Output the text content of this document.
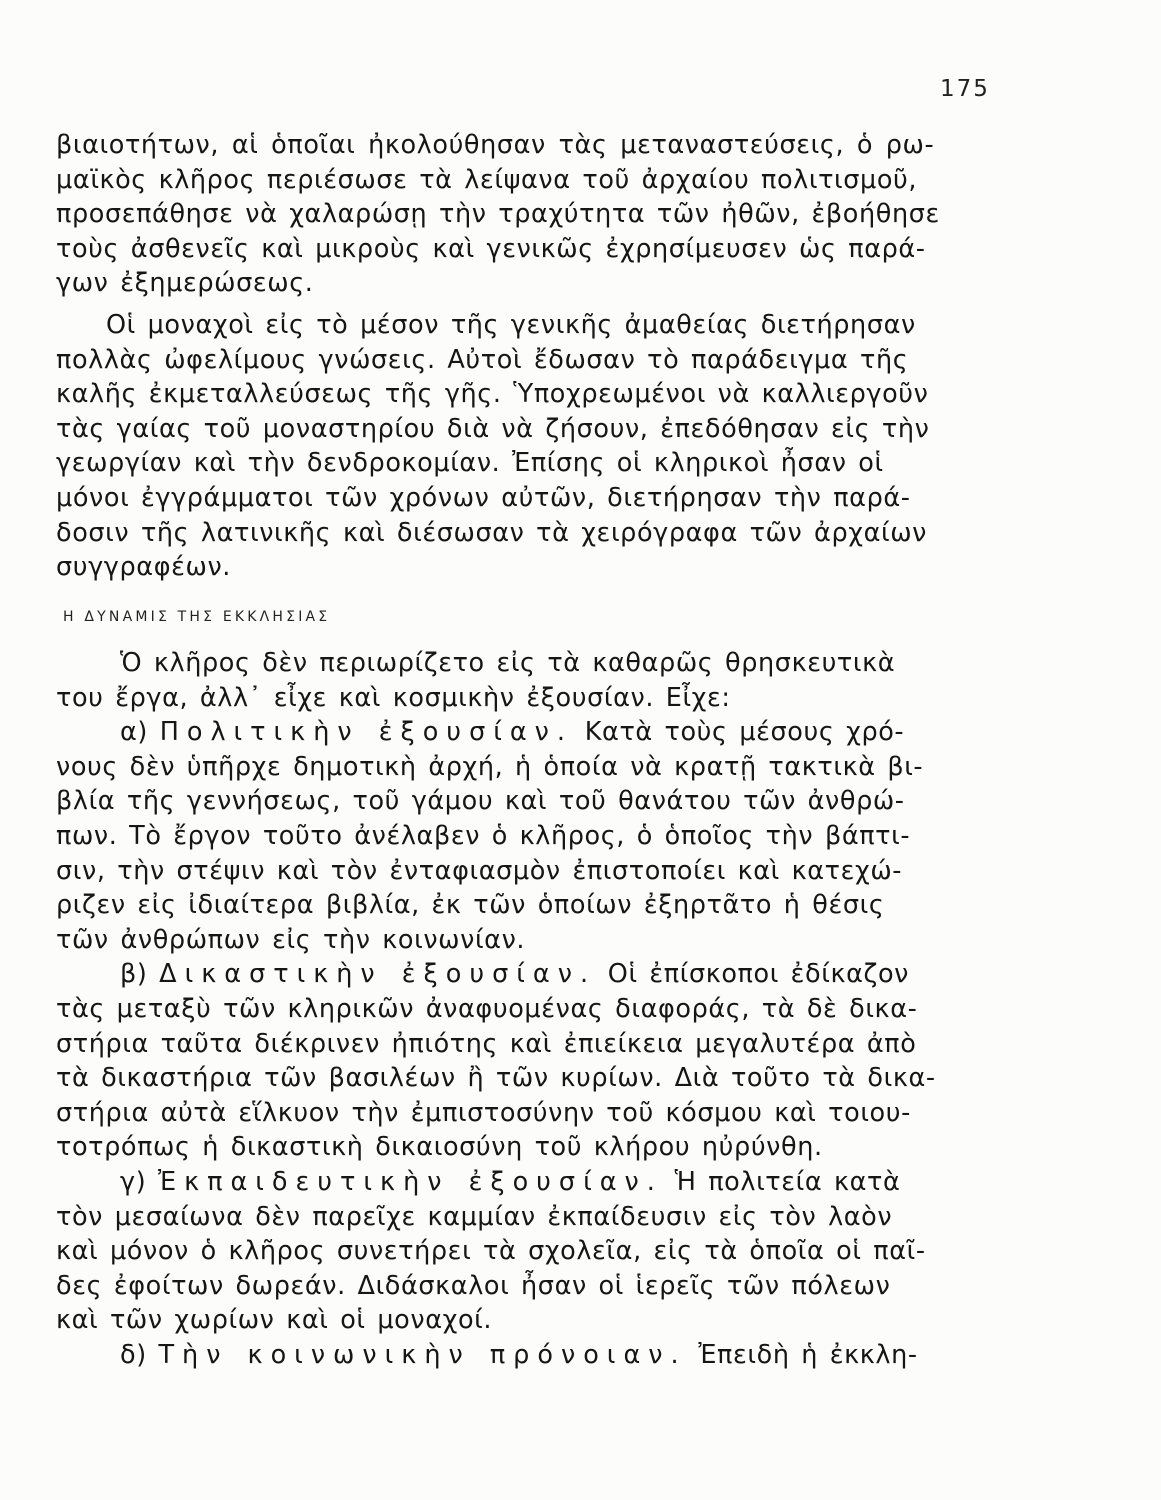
175
βιαιοτήτων, αἱ ὁποῖαι ἠκολούθησαν τὰς μεταναστεύσεις, ὁ ρω-
μαϊκὸς κλῆρος περιέσωσε τὰ λείψανα τοῦ ἀρχαίου πολιτισμοῦ,
προσεπάθησε νὰ χαλαρώσῃ τὴν τραχύτητα τῶν ἠθῶν, ἐβοήθησε
τοὺς ἀσθενεῖς καὶ μικροὺς καὶ γενικῶς ἐχρησίμευσεν ὡς παρά-
γων ἐξημερώσεως.
Οἱ μοναχοὶ εἰς τὸ μέσον τῆς γενικῆς ἀμαθείας διετήρησαν
πολλὰς ὠφελίμους γνώσεις. Αὐτοὶ ἔδωσαν τὸ παράδειγμα τῆς
καλῆς ἐκμεταλλεύσεως τῆς γῆς. Ὑποχρεωμένοι νὰ καλλιεργοῦν
τὰς γαίας τοῦ μοναστηρίου διὰ νὰ ζήσουν, ἐπεδόθησαν εἰς τὴν
γεωργίαν καὶ τὴν δενδροκομίαν. Ἐπίσης οἱ κληρικοὶ ἦσαν οἱ
μόνοι ἐγγράμματοι τῶν χρόνων αὐτῶν, διετήρησαν τὴν παρά-
δοσιν τῆς λατινικῆς καὶ διέσωσαν τὰ χειρόγραφα τῶν ἀρχαίων
συγγραφέων.
Η ΔΥΝΑΜΙΣ ΤΗΣ ΕΚΚΛΗΣΙΑΣ
Ὁ κλῆρος δὲν περιωρίζετο εἰς τὰ καθαρῶς θρησκευτικὰ
του ἔργα, ἀλλ᾽ εἶχε καὶ κοσμικὴν ἐξουσίαν. Εἶχε:
α) Πολιτικὴν ἐξουσίαν. Κατὰ τοὺς μέσους χρό-
νους δὲν ὑπῆρχε δημοτικὴ ἀρχή, ἡ ὁποία νὰ κρατῇ τακτικὰ βι-
βλία τῆς γεννήσεως, τοῦ γάμου καὶ τοῦ θανάτου τῶν ἀνθρώ-
πων. Τὸ ἔργον τοῦτο ἀνέλαβεν ὁ κλῆρος, ὁ ὁποῖος τὴν βάπτι-
σιν, τὴν στέψιν καὶ τὸν ἐνταφιασμὸν ἐπιστοποίει καὶ κατεχώ-
ριζεν εἰς ἰδιαίτερα βιβλία, ἐκ τῶν ὁποίων ἐξηρτᾶτο ἡ θέσις
τῶν ἀνθρώπων εἰς τὴν κοινωνίαν.
β) Δικαστικὴν ἐξουσίαν. Οἱ ἐπίσκοποι ἐδίκαζον
τὰς μεταξὺ τῶν κληρικῶν ἀναφυομένας διαφοράς, τὰ δὲ δικα-
στήρια ταῦτα διέκρινεν ἠπιότης καὶ ἐπιείκεια μεγαλυτέρα ἀπὸ
τὰ δικαστήρια τῶν βασιλέων ἢ τῶν κυρίων. Διὰ τοῦτο τὰ δικα-
στήρια αὐτὰ εἵλκυον τὴν ἐμπιστοσύνην τοῦ κόσμου καὶ τοιου-
τοτρόπως ἡ δικαστικὴ δικαιοσύνη τοῦ κλήρου ηὐρύνθη.
γ) Ἐκπαιδευτικὴν ἐξουσίαν. Ἡ πολιτεία κατὰ
τὸν μεσαίωνα δὲν παρεῖχε καμμίαν ἐκπαίδευσιν εἰς τὸν λαὸν
καὶ μόνον ὁ κλῆρος συνετήρει τὰ σχολεῖα, εἰς τὰ ὁποῖα οἱ παῖ-
δες ἐφοίτων δωρεάν. Διδάσκαλοι ἦσαν οἱ ἱερεῖς τῶν πόλεων
καὶ τῶν χωρίων καὶ οἱ μοναχοί.
δ) Τὴν κοινωνικὴν πρόνοιαν. Ἐπειδὴ ἡ ἐκκλη-
